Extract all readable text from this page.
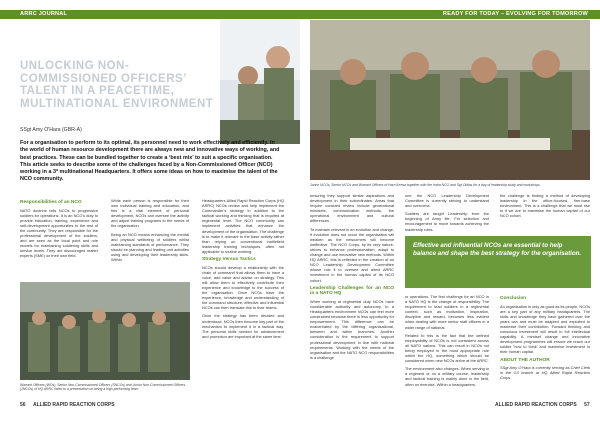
ARRC JOURNAL
UNLOCKING NON-COMMISSIONED OFFICERS’ TALENT IN A PEACETIME, MULTINATIONAL ENVIRONMENT
SSgt Amy O'Hara (GBR-A)
For a organisation to perform to its optimal, its personnel need to work effectively and efficiently. In the world of human resource development there are always new and innovative ways of working, and best practices. These can be bundled together to create a ‘best mix’ to suit a specific organisation. This article seeks to describe some of the challenges faced by a Non-Commissioned Officer (NCO) working in a 3* multinational Headquarters. It offers some ideas on how to maximise the talent of the NCO community.
Responsibilities of an NCO

NATO doctrine tells NCOs to progressive soldiers for operations. It is an NCO’s duty to provide education, training, experience and self-development opportunities to the rest of the community. They are responsible for the professional development of the soldiers, and are seen as the focal point and role models for maintaining soldiering skills and service levels. They are discouraged matter experts (SME) on their own field.

While each person is responsible for their own individual training and education, and this is a vital element of personal development, NCOs can oversee the activity and adjust training programs to the needs of the organisation.

Being an NCO means enhancing the mental and physical wellbeing of soldiers whilst maintaining standards of performance. They should be planning and leading unit activities using and developing their leadership skills. Within

Headquarters Allied Rapid Reaction Corps (HQ ARRC) NCOs review and help implement the Commander’s strategy in addition to the tactical working and thinking that is required at regimental level. The NCO community can implement activities that enhance the development of the organisation. The challenge is to make it relevant to the base activity rather than relying on conventional battlefield leadership training techniques, often not applicable to routine working.

Strategy Versus Tactics

NCOs should develop a relationship with the chain of command that allows them to have a voice, add value and advise on strategy. This will allow them to effectively contribute their experience and knowledge to the success of the organisation. Once NCOs have the experience, knowledge and understanding of the command structure, effective and influential NCOs can then translate this to their teams.

Once the strategy has been decided and understood, NCOs then become key part of the mechanism to implement it in a tactical way. The personal skills needed for advancement and promotion are important at the same time.

Warrant Officers (WOs), Senior Non-Commissioned Officers (SNCOs) and Junior Non-Commissioned Officers (JNCOs) of HQ ARRC listen to a presentation on being a high-performing team
56 ALLIED RAPID REACTION CORPS
READY FOR TODAY – EVOLVING FOR TOMORROW
Junior NCOs, Senior NCOs and Warrant Officers of Harri Keesa together with the Indra NCO and Sgt Oktias for a day of leadership study and workshops.

ensuring they support similar aspirations and development in their subordinates. Areas that require constant review include generational mindsets, communication methods, the operational environment and cultural differences.

To maintain relevant in an evolution and change, if evolution does not occur the organisation will weaken as the newcomers will become ineffective. The NCO Corps, by its very nature, strives to enhance professionalism, adapt to change and use innovative new methods. Within HQ ARRC, this is reflected in the creation of an NCO Leadership Development Committee whose role it to oversee and direct ARRC investment in the human capital of its NCO cohort.

Leadership Challenges for an NCO in a NATO HQ

When working at regimental duty NCOs have considerable authority and autonomy. In a Headquarters environment NCOs can feel more constrained because there is less opportunity for empowerment. This difference can be exacerbated by the differing organisational, between and within branches. Another consideration is the requirement to support professional development in line with national requirements. Working with the needs of the organisation and the NATO NCO responsibilities is a challenge

one the NCO Leadership Development Committee is currently striving to understand and overcome.

Soldiers are taught Leadership from the beginning of Army life. For selection and encouragement to move towards achieving the leadership roles.

the challenge is finding a method of developing leadership in the office-focused, firm-base environment. This is a challenge that we must rise to if we are to maximise the human capital of our NCO cohort.

Effective and influential NCOs are essential to help balance and shape the best strategy for the organisation.

or operations. The first challenge for an NCO in a NATO HQ is the change of responsibility. The requirement to lead soldiers in a regimental context, such as motivation, inspiration, discipline and reward, becomes less evident when dealing with more senior staff officers in a wider range of national.

Related to this is the fact that the defined employability of NCOs is not consistent across all NATO nations. This can result in NCOs not being employed in the most appropriate role within the HQ, something which should be considered when new NCOs arrive at the ARRC.

The environment also changes. When serving in a regiment or on a military course, leadership and tactical training is mainly done in the field, often on exercise. Within a headquarters,

Conclusion

An organisation is only as good as its people. NCOs are a key part of any military headquarters. The skills and knowledge they have gathered over the years can and must be adapted and exploited to maximise their contribution. Forward thinking and conscious investment will result in full intellectual capability. A mindset change and innovative development programmes will ensure we reach our soldier ‘how to think’ and maximise investment in their human capital.

ABOUT THE AUTHOR

SSgt Amy O'Hara is currently serving as Chief Clerk in the G3 branch at HQ Allied Rapid Reaction Corps.

ALLIED RAPID REACTION CORPS 57
